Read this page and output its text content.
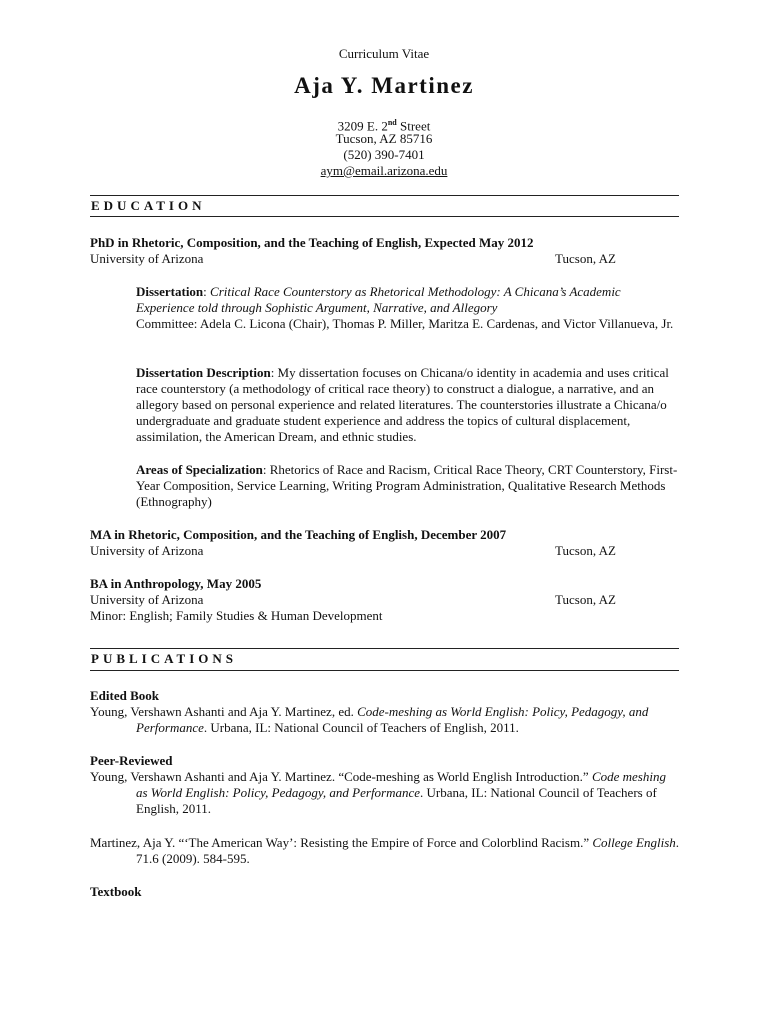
Curriculum Vitae
Aja Y. Martinez
3209 E. 2nd Street
Tucson, AZ 85716
(520) 390-7401
aym@email.arizona.edu
EDUCATION
PhD in Rhetoric, Composition, and the Teaching of English, Expected May 2012
University of Arizona	Tucson, AZ
Dissertation: Critical Race Counterstory as Rhetorical Methodology: A Chicana’s Academic Experience told through Sophistic Argument, Narrative, and Allegory
Committee: Adela C. Licona (Chair), Thomas P. Miller, Maritza E. Cardenas, and Victor Villanueva, Jr.
Dissertation Description: My dissertation focuses on Chicana/o identity in academia and uses critical race counterstory (a methodology of critical race theory) to construct a dialogue, a narrative, and an allegory based on personal experience and related literatures. The counterstories illustrate a Chicana/o undergraduate and graduate student experience and address the topics of cultural displacement, assimilation, the American Dream, and ethnic studies.
Areas of Specialization: Rhetorics of Race and Racism, Critical Race Theory, CRT Counterstory, First-Year Composition, Service Learning, Writing Program Administration, Qualitative Research Methods (Ethnography)
MA in Rhetoric, Composition, and the Teaching of English, December 2007
University of Arizona	Tucson, AZ
BA in Anthropology, May 2005
University of Arizona	Tucson, AZ
Minor: English; Family Studies & Human Development
PUBLICATIONS
Edited Book
Young, Vershawn Ashanti and Aja Y. Martinez, ed. Code-meshing as World English: Policy, Pedagogy, and Performance. Urbana, IL: National Council of Teachers of English, 2011.
Peer-Reviewed
Young, Vershawn Ashanti and Aja Y. Martinez. “Code-meshing as World English Introduction.” Code meshing as World English: Policy, Pedagogy, and Performance. Urbana, IL: National Council of Teachers of English, 2011.
Martinez, Aja Y. “‘The American Way’: Resisting the Empire of Force and Colorblind Racism.” College English. 71.6 (2009). 584-595.
Textbook
